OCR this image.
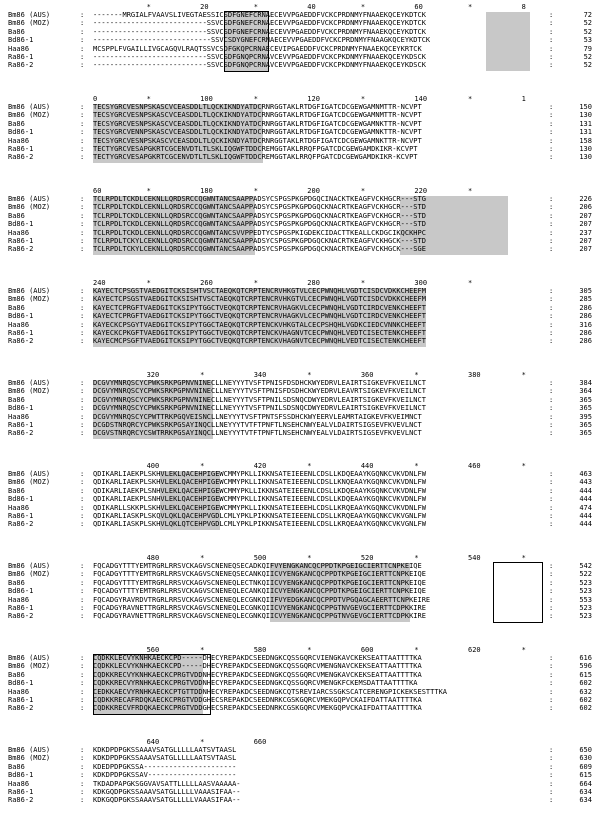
*	20	*	40	*	60	*	8
Bm86 (AUS)	: -------MRGIALFVAAVSLIVEGTAESSICSDFGNEFCRNAECEVVPGAEDDFVCKCPRDNMYFNAAEKQCEYKDTCK	:	72
Bm86 (MOZ)	: ---------------------------SSVCSDFGNEFCRNAECEVVPGAEDDFVCKCPRDNMYFNAAEKQCEYKDTCK	:	52
Ba86	: ---------------------------SSVCSDFGNEFCRNAECEVVPGAEDDFVCKCPRDNMYFNAAEKQCEYKDTCK	:	52
Bd86-1	: ----------------------------SSVCSDYGNEFCRNAECEVVPGAEDDFVCKCPRDNMYFNAAGKQCEYKDTCK	:	53
Haa86	: MCSPPLFVGAILLIVGCAGQVLRAQTSSVCSDFGKQPCRNAECEVIPGAEDDFVCKCPRDNMYFNAAEKQCEYKRTCK	:	79
Ra86-1	: ---------------------------SSVCSDFGNQPCRNAVCEVVPGAEDDFVCKCPKDNMYFNAAEKQCEYKDSCK	:	52
Ra86-2	: ---------------------------SSVCSDFGNQPCRNAVCEVVPGAEDDFVCKCPKDNMYFNAAEKQCEYKDSCK	:	52
0	*	100	*	120	*	140	*	1
Bm86 (AUS)	: TECSYGRCVESNPSKASCVCEASDDLTLQCKIKNDYATDCRNRGGTAKLRTDGFIGATCDCGEWGAMNMTTR-NCVPT	:	150
Bm86 (MOZ)	: TECSYGRCVESNPSKASCVCEASDDLTLQCKIKNDYATDCRNRGGTAKLRTDGFIGATCDCGEWGAMNMTTR-NCVPT	:	130
Ba86	: TECSYGRCVESNPSKASCVCEASDDLTLQCKIKNDYATDCRNRGGTAKLRTDGFIGATCDCGEWGAMNKTTR-NCVPT	:	131
Bd86-1	: TECSYGRCVENNPSKASCVCEASDDLTLQCKIKNDYATDCRNRGGTAKLRTDGFIGATCDCGEWGAMNKTTR-NCVPT	:	131
Haa86	: TECSYGRCVESNPSKASCVCEASDDLTLQCKIKNDYATDCRNRGGTAKLRTDGFIGATCDCGEWGAMNKTTR-NCVPT	:	158
Ra86-1	: TECTYGRCVESAPGKRTCGCENVDTLTLSKLIQGWFTDDCREMGGTAKLRRQFPGATCDCGEWGAMDKIKR-KCVPT	:	130
Ra86-2	: TECTYGRCVESAPGKRTCGCENVDTLTLSKLIQGWFTDDCREMGGTAKLRRQFPGATCDCGEWGAMDKIKR-KCVPT	:	130
60	*	180	*	200	*	220	*
Bm86 (AUS)	: TCLRPDLTCKDLCEKNLLQRDSRCCQGWNTANCSAAPPADSYCSPGSPKGPDGQCINACKTKEAGFVCKHGCR---STG	:	226
Bm86 (MOZ)	: TCLRPDLTCKDLCEKNLLQRDSRCCQGWNTANCSAAPPADSYCSPGSPKGPDGQCKNACRTKEAGFVCKHGCR---STD	:	206
Ba86	: TCLRPDLTCKDLCEKNLLQRDSRCCQGWNTANCSAAPPADSYCSPGSPKGPDGQCKNACRTKEAGFVCKHGCR---STD	:	207
Bd86-1	: TCLRPDLTCKDLCEKNLLQRDSRCCQGWNTANCSAAPPADSYCSPGSPKGPDGQCKNACRTKEAGFVCKHGCR---STD	:	207
Haa86	: TCLRPDLTCKDLCEKNLLQRDSRCCQGWNTANCSVVPPEDTYCSPGSPKIGDEKCIDACTTKEALLCKDGCIKQCKHPC	:	237
Ra86-1	: TCLRPDLTCKYLCEKNLLQRDSRCCQGWNTANCSAAPPADSYCSPGSPKGPDGQCKNACRTKEAGFVCKHGCK---STD	:	207
Ra86-2	: TCLRPDLTCKYLCEKNLLQRDSRCCQGWNTANCSAAPPADSYCSPGSPKGPDGQCKNACRTKEAGFVCKHGCK---SGE	:	207
240	*	260	*	280	*	300	*
Bm86 (AUS)	: KAYECTCPSGSTVAEDGITCKSISHTVSCTAEQKQTCRPTENCRVHKGTVLCECPWNQHLVGDTCISDCVDKKCHEEFM	:	305
Bm86 (MOZ)	: KAYECTCPSGSTVAEDGITCKSISHTVSCTAEQKQTCRPTENCRVHKGTVLCECPWNQHLVGDTCISDCVDKKCHEEFM	:	285
Ba86	: KAYECTCPRGFTVAEDGITCKSIPYTGGCTVEQKQTCRPTENCRVHAGKVLCECPWNQHLVGDTCIRDCVENKCHEEFT	:	286
Bd86-1	: KAYECTCPRGFTVAEDGITCKSIPYTGGCTVEQKQTCRPTENCRVHAGKVLCECPWNQHLVGDTCIRDCVENKCHEEFT	:	286
Haa86	: KAYECKCPSGYTVAEDGITCKSIPYTGGCTAEQKQTCRPTENCKVHKGTALCECPSHQHLVGDKCIEDCVNNKCHEEFT	:	316
Ra86-1	: KAYECKCPKGFTVAEDGITCKSIPYTGGCTVEQKQTCRPTENCKVHAGNVTCECPWNQHLVEDTCISECTENKCHEEFT	:	286
Ra86-2	: KAYECMCPSGFTVAEDGITCKSIPYTGGCTVEQKQTCRPTENCKVHAGNVTCECPWNQHLVEDTCISECTENKCHEEFT	:	286
320	*	340	*	360	*	380	*
Bm86 (AUS)	: DCGVYMNRQSCYCPWKSRKPGPNVNINECLLNEYYYTVSFTPNISFDSDHCKWYEDRVLEAIRTSIGKEVFKVEILNCT	:	384
Bm86 (MOZ)	: DCGVYMNRQSCYCPWKSRKPGPNVNINECLLNEYYYTVSFTPNISFDSDHCKWYEDRVLEAVRTSIGKEVFKVEILNCT	:	364
Ba86	: DCGVYMNRQSCYCPWKSRKPGPNVNINECLLNEYYYTVSFTPNILSDSNQCDWYEDRVLEAIRTSIGKEVFKVEILNCT	:	365
Bd86-1	: DCGVYMNRQSCYCPWKSRKPGPNVNINECLLNEYYYTVSFTPNILSDSNQCDWYEDRVLEAIRTSIGKEVFKVEILNCT	:	365
Haa86	: DCGVYMNRQSCYCPWTTRKPGQVEISNCLLNEYYYTVSFTPNTSFSSDHCKWYEERVLEAMRTAIGKEVFKVEIMNCT	:	395
Ra86-1	: DCGDSTNRQRCYCPWKSRKPGSAYINQCLLNEYYYTVTFTPNFTLNSEHCNWYEALVLDAIRTSIGSEVFKVEVLNCT	:	365
Ra86-2	: DCGVSTNRQRCYCSWTRRKPGSAYINQCLLNEYYYTVTFTPNFTLNSEHCNWYEALVLDAIRTSIGSEVFKVEVLNCT	:	365
400	*	420	*	440	*	460	*
Bm86 (AUS)	: QDIKARLIAEKPLSKHVLEKLQACEHPIGEWCMMYPKLLIKKNSATEIEEENLCDSLLKDQEAAYKGQNKCVKVDNLFW	:	463
Bm86 (MOZ)	: QDIKARLIAEKPLSKHVLEKLQACEHPIGEWCMMYPKLLIKKNSATEIEEENLCDSLLKNQEAAYKGQNKCVKVDNLFW	:	443
Ba86	: QDIKARLIAEKPLSNHVLEKLQACEHPIGEWCMMYPKLLIKKNSATEIEEENLCDSLLKDQEAAYKGQNKCVKVDNLFW	:	444
Bd86-1	: QDIKARLIAEKPLSNHVLEKLQACEHPIGEWCMMYPKLLIKKNSATEIEEENLCDSLLKDQEAAYKGQNKCVKVDNLFW	:	444
Haa86	: QDIKARLLSKKPLSKHVLEKLQACEHPIGEWCMMYPKLLIKKNSATEIEEEHLCDSLLKRQEAAYKGQNKCVKVDNLFW	:	474
Ra86-1	: QDIKARLIASKPLSKQVLQKLQACEHPVGDLCMLYPKLPIKKNSATEIEEENLCDSLLKRQEAAYKGQNKCVKVGNLFW	:	444
Ra86-2	: QDIKARLIASKPLSKHVLQKLQTCEHPVGDLCMLYPKLPIKKNSATEIEEENLCDSLLKRQEAAYKGQNKCVKVGNLFW	:	444
480	*	500	*	520	*	540	*
Bm86 (AUS)	: FQCADGYTTTYEMTRGRLRRSVCKAGVSCNENEQSECADKQIFVYENGKANCQCPPDTKPGEIGCIERTTCNPKEIQE	:	542
Bm86 (MOZ)	: FQCADGYTTTYEMTRGRLRRSVCKAGVSCNENEQSECANKQIICVYENGKANCQCPPDTKPGEIGCIERTTCNPKEIQE	:	522
Ba86	: FQCADGYTTTYEMTRGRLRRSVCKAGVSCNENEQLECTNKQIICVYENGKANCQCPPDTKPGEIGCIERTTCNPKEIQE	:	523
Bd86-1	: FQCADGYTTTYEMTRGRLRRSVCKAGVSCNENEQLECANKQIICVYENGKANCQCPPDTKPGEIGCIERTTCNPKEIQE	:	523
Haa86	: FQCADGYRAVRDVTRGRLRRSVCKAGVSCNENEQLECGNKQIIFVYEDGKANCQCPPDTVPGQAGCAEERTTCNPKEIRE	:	553
Ra86-1	: FQCADGYRAVNETTRGRLRRSVCKAGVSCNENEQLECGNKQIICVYENGKANCQCPPGTNVGEVGCIERTTCDPKKIRE	:	523
Ra86-2	: FQCADGYRAVNETTRGRLRRSVCKAGVSCNENEQLECGNKQIICVYENGKANCQCPPGTNVGEVGCIERTTCDPKKIRE	:	523
560	*	580	*	600	*	620	*
Bm86 (AUS)	: CQDKKLECVYKNHKAECKCPD-----DHECYREPAKDCSEEDNGKCQSSGQRCVIENGKAVCKEKSEATTAATTTTKA	:	616
Bm86 (MOZ)	: CQDKKLECVYKNHKAECKCPD-----DHECYREPAKDCSEEDNGKCQSSGQRCVMENGNAVCKEKSEATTAATTTTKA	:	596
Ba86	: CQDKKRECVYKNHKAECKCPRGTVDDNHECYREPAKDCSEEDNGKCQSSGQRCVMENGKAVCKEKSEATTAATTTTKA	:	615
Bd86-1	: CQDKKRECVYRNHKAECKCPRGTVDDNHECYREPAKDCSEEDNGKCQSSGQRCVMENGKFCKEMSDATTAATTTTKA	:	602
Haa86	: CEDKKAECVYRNHKAECKCPTGTTDDNHECYREPAKDCSEEDNGKCQTSREVIARCSSGKSCATCERENGPICKEKSESTTTKA	:	632
Ra86-1	: CQDKKRECAFRDQKAECKCPRGTVDDGHECSREPAKDCSEEDNRKCGSKGQRCVMEKGQPVCKAIFDATTAATTTTKA	:	602
Ra86-2	: CQDKKRECVFRDQKAECKCPRGTVDDGHECSREPAKDCSEEDNRKCGSKGQRCVMEKGQPVCKAIFDATTAATTTTKA	:	602
640	*	660
Bm86 (AUS)	: KDKDPDPGKSSAAAVSATGLLLLLAATSVTAASL	:	650
Bm86 (MOZ)	: KDKDPDPGKSSAAAVSATGLLLLLAATSVTAASL	:	630
Ba86	: KDEDPDPGKSSA----------------------	:	609
Bd86-1	: KDKDPDPGKSSAV---------------------	:	615
Haa86	: TKDADPAPGKSGGVAVSATTLLLLLAASVAAAAA-	:	664
Ra86-1	: KDKGQDPGKSSAAAVSATGLLLLLVAAASIFAA--	:	634
Ra86-2	: KDKGQDPGKSSAAAVSATGLLLLLVAAASIFAA--	:	634
